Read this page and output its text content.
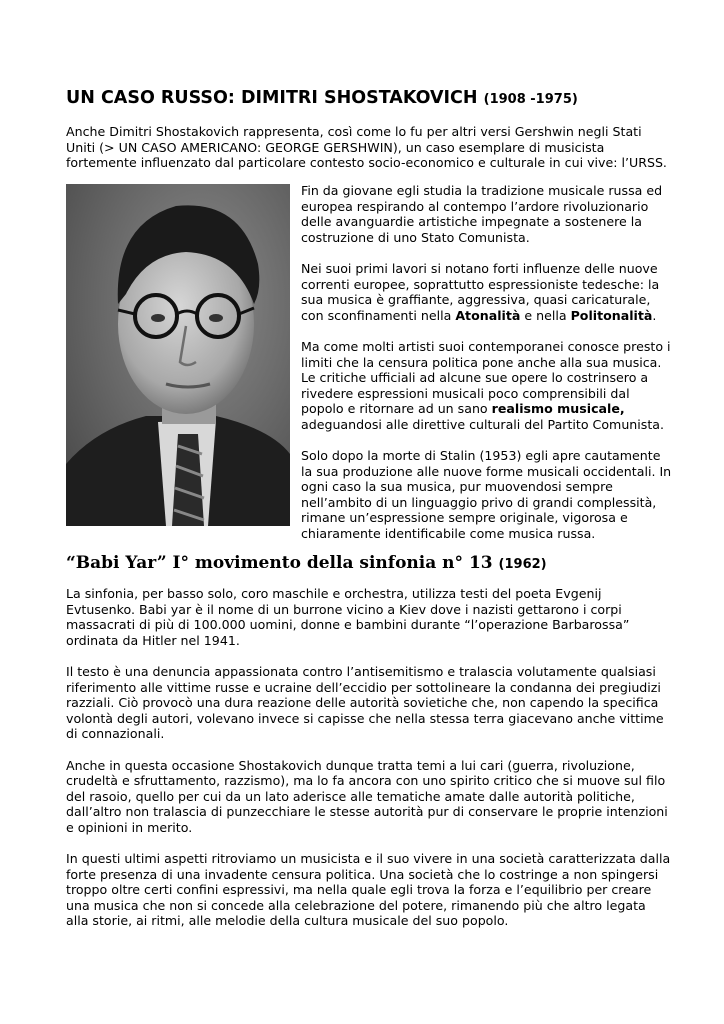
UN CASO RUSSO: DIMITRI SHOSTAKOVICH (1908 -1975)

Anche Dimitri Shostakovich rappresenta, così come lo fu per altri versi Gershwin negli Stati Uniti (> UN CASO AMERICANO: GEORGE GERSHWIN), un caso esemplare di musicista fortemente influenzato dal particolare contesto socio-economico e culturale in cui vive: l’URSS.

Fin da giovane egli studia la tradizione musicale russa ed europea respirando al contempo l’ardore rivoluzionario delle avanguardie artistiche impegnate a sostenere la costruzione di uno Stato Comunista.

Nei suoi primi lavori si notano forti influenze delle nuove correnti europee, soprattutto espressioniste tedesche: la sua musica è graffiante, aggressiva, quasi caricaturale, con sconfinamenti nella Atonalità e nella Politonalità.

Ma come molti artisti suoi contemporanei conosce presto i limiti che la censura politica pone anche alla sua musica. Le critiche ufficiali ad alcune sue opere lo costrinsero a rivedere espressioni musicali poco comprensibili dal popolo e ritornare ad un sano realismo musicale, adeguandosi alle direttive culturali del Partito Comunista.

Solo dopo la morte di Stalin (1953) egli apre cautamente la sua produzione alle nuove forme musicali occidentali. In ogni caso la sua musica, pur muovendosi sempre nell’ambito di un linguaggio privo di grandi complessità, rimane un’espressione sempre originale, vigorosa e chiaramente identificabile come musica russa.

“Babi Yar” I° movimento della sinfonia n° 13 (1962)

La sinfonia, per basso solo, coro maschile e orchestra, utilizza testi del poeta Evgenij Evtusenko. Babi yar è il nome di un burrone vicino a Kiev dove i nazisti gettarono i corpi massacrati di più di 100.000 uomini, donne e bambini durante “l’operazione Barbarossa” ordinata da Hitler nel 1941.

Il testo è una denuncia appassionata contro l’antisemitismo e tralascia volutamente qualsiasi riferimento alle vittime russe e ucraine dell’eccidio per sottolineare la condanna dei pregiudizi razziali. Ciò provocò una dura reazione delle autorità sovietiche che, non capendo la specifica volontà degli autori, volevano invece si capisse che nella stessa terra giacevano anche vittime di connazionali.

Anche in questa occasione Shostakovich dunque tratta temi a lui cari (guerra, rivoluzione, crudeltà e sfruttamento, razzismo), ma lo fa ancora con uno spirito critico che si muove sul filo del rasoio, quello per cui da un lato aderisce alle tematiche amate dalle autorità politiche, dall’altro non tralascia di punzecchiare le stesse autorità pur di conservare le proprie intenzioni e opinioni in merito.

In questi ultimi aspetti ritroviamo un musicista e il suo vivere in una società caratterizzata dalla forte presenza di una invadente censura politica. Una società che lo costringe a non spingersi troppo oltre certi confini espressivi, ma nella quale egli trova la forza e l’equilibrio per creare una musica che non si concede alla celebrazione del potere, rimanendo più che altro legata alla storie, ai ritmi, alle melodie della cultura musicale del suo popolo.
